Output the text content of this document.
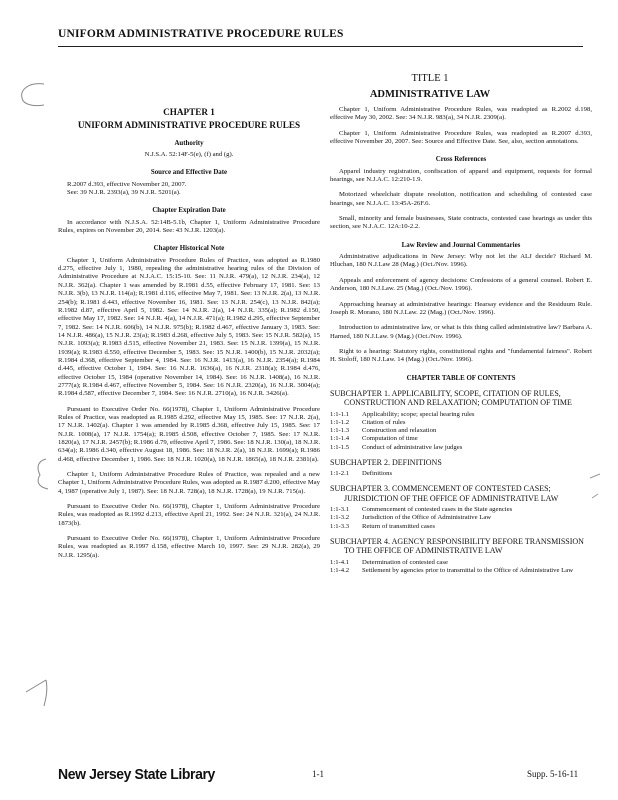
UNIFORM ADMINISTRATIVE PROCEDURE RULES
TITLE 1
ADMINISTRATIVE LAW
CHAPTER 1
UNIFORM ADMINISTRATIVE PROCEDURE RULES
Authority
N.J.S.A. 52:14F-5(e), (f) and (g).
Source and Effective Date
R.2007 d.393, effective November 20, 2007.
See: 39 N.J.R. 2393(a), 39 N.J.R. 5201(a).
Chapter Expiration Date
In accordance with N.J.S.A. 52:14B-5.1b, Chapter 1, Uniform Administrative Procedure Rules, expires on November 20, 2014. See: 43 N.J.R. 1203(a).
Chapter Historical Note
Chapter 1, Uniform Administrative Procedure Rules of Practice, was adopted as R.1980 d.275, effective July 1, 1980, repealing the administrative hearing rules of the Division of Administrative Procedure at N.J.A.C. 15:15-10. See: 11 N.J.R. 479(a), 12 N.J.R. 234(a), 12 N.J.R. 362(a). Chapter 1 was amended by R.1981 d.55, effective February 17, 1981. See: 13 N.J.R. 3(b), 13 N.J.R. 114(a); R.1981 d.116, effective May 7, 1981. See: 13 N.J.R. 2(a), 13 N.J.R. 254(b); R.1981 d.443, effective November 16, 1981. See: 13 N.J.R. 254(c), 13 N.J.R. 842(a); R.1982 d.87, effective April 5, 1982. See: 14 N.J.R. 2(a), 14 N.J.R. 335(a); R.1982 d.150, effective May 17, 1982. See: 14 N.J.R. 4(a), 14 N.J.R. 471(a); R.1982 d.295, effective September 7, 1982. See: 14 N.J.R. 606(b), 14 N.J.R. 975(b); R.1982 d.467, effective January 3, 1983. See: 14 N.J.R. 486(a), 15 N.J.R. 23(a); R.1983 d.268, effective July 5, 1983. See: 15 N.J.R. 582(a), 15 N.J.R. 1093(a); R.1983 d.515, effective November 21, 1983. See: 15 N.J.R. 1399(a), 15 N.J.R. 1939(a); R.1983 d.550, effective December 5, 1983. See: 15 N.J.R. 1400(b), 15 N.J.R. 2032(a); R.1984 d.368, effective September 4, 1984. See: 16 N.J.R. 1413(a), 16 N.J.R. 2354(a); R.1984 d.445, effective October 1, 1984. See: 16 N.J.R. 1636(a), 16 N.J.R. 2318(a); R.1984 d.476, effective October 15, 1984 (operative November 14, 1984). See: 16 N.J.R. 1408(a), 16 N.J.R. 2777(a); R.1984 d.467, effective November 5, 1984. See: 16 N.J.R. 2320(a), 16 N.J.R. 3004(a); R.1984 d.587, effective December 7, 1984. See: 16 N.J.R. 2710(a), 16 N.J.R. 3426(a).
Pursuant to Executive Order No. 66(1978), Chapter 1, Uniform Administrative Procedure Rules of Practice, was readopted as R.1985 d.292, effective May 15, 1985. See: 17 N.J.R. 2(a), 17 N.J.R. 1402(a). Chapter 1 was amended by R.1985 d.368, effective July 15, 1985. See: 17 N.J.R. 1008(a), 17 N.J.R. 1754(a); R.1985 d.508, effective October 7, 1985. See: 17 N.J.R. 1820(a), 17 N.J.R. 2457(b); R.1986 d.79, effective April 7, 1986. See: 18 N.J.R. 130(a), 18 N.J.R. 634(a); R.1986 d.340, effective August 18, 1986. See: 18 N.J.R. 2(a), 18 N.J.R. 1699(a); R.1986 d.468, effective December 1, 1986. See: 18 N.J.R. 1020(a), 18 N.J.R. 1865(a), 18 N.J.R. 2381(a).
Chapter 1, Uniform Administrative Procedure Rules of Practice, was repealed and a new Chapter 1, Uniform Administrative Procedure Rules, was adopted as R.1987 d.200, effective May 4, 1987 (operative July 1, 1987). See: 18 N.J.R. 728(a), 18 N.J.R. 1728(a), 19 N.J.R. 715(a).
Pursuant to Executive Order No. 66(1978), Chapter 1, Uniform Administrative Procedure Rules, was readopted as R.1992 d.213, effective April 21, 1992. See: 24 N.J.R. 321(a), 24 N.J.R. 1873(b).
Pursuant to Executive Order No. 66(1978), Chapter 1, Uniform Administrative Procedure Rules, was readopted as R.1997 d.158, effective March 10, 1997. See: 29 N.J.R. 282(a), 29 N.J.R. 1295(a).
Chapter 1, Uniform Administrative Procedure Rules, was readopted as R.2002 d.198, effective May 30, 2002. See: 34 N.J.R. 983(a), 34 N.J.R. 2309(a).
Chapter 1, Uniform Administrative Procedure Rules, was readopted as R.2007 d.393, effective November 20, 2007. See: Source and Effective Date. See, also, section annotations.
Cross References
Apparel industry registration, confiscation of apparel and equipment, requests for formal hearings, see N.J.A.C. 12:210-1.9.
Motorized wheelchair dispute resolution, notification and scheduling of contested case hearings, see N.J.A.C. 13:45A-26F.6.
Small, minority and female businesses, State contracts, contested case hearings as under this section, see N.J.A.C. 12A:10-2.2.
Law Review and Journal Commentaries
Administrative adjudications in New Jersey: Why not let the ALJ decide? Richard M. Hluchan, 180 N.J.Law 28 (Mag.) (Oct./Nov. 1996).
Appeals and enforcement of agency decisions: Confessions of a general counsel. Robert E. Anderson, 180 N.J.Law. 25 (Mag.) (Oct./Nov. 1996).
Approaching hearsay at administrative hearings: Hearsay evidence and the Residuum Rule. Joseph R. Morano, 180 N.J.Law. 22 (Mag.) (Oct./Nov. 1996).
Introduction to administrative law, or what is this thing called administrative law? Barbara A. Harned, 180 N.J.Law. 9 (Mag.) (Oct./Nov. 1996).
Right to a hearing: Statutory rights, constitutional rights and "fundamental fairness". Robert H. Stoloff, 180 N.J.Law. 14 (Mag.) (Oct./Nov. 1996).
CHAPTER TABLE OF CONTENTS
SUBCHAPTER 1. APPLICABILITY, SCOPE, CITATION OF RULES, CONSTRUCTION AND RELAXATION; COMPUTATION OF TIME
1:1-1.1	Applicability; scope; special hearing rules
1:1-1.2	Citation of rules
1:1-1.3	Construction and relaxation
1:1-1.4	Computation of time
1:1-1.5	Conduct of administrative law judges
SUBCHAPTER 2. DEFINITIONS
1:1-2.1	Definitions
SUBCHAPTER 3. COMMENCEMENT OF CONTESTED CASES; JURISDICTION OF THE OFFICE OF ADMINISTRATIVE LAW
1:1-3.1	Commencement of contested cases in the State agencies
1:1-3.2	Jurisdiction of the Office of Administrative Law
1:1-3.3	Return of transmitted cases
SUBCHAPTER 4. AGENCY RESPONSIBILITY BEFORE TRANSMISSION TO THE OFFICE OF ADMINISTRATIVE LAW
1:1-4.1	Determination of contested case
1:1-4.2	Settlement by agencies prior to transmittal to the Office of Administrative Law
New Jersey State Library	1-1	Supp. 5-16-11
